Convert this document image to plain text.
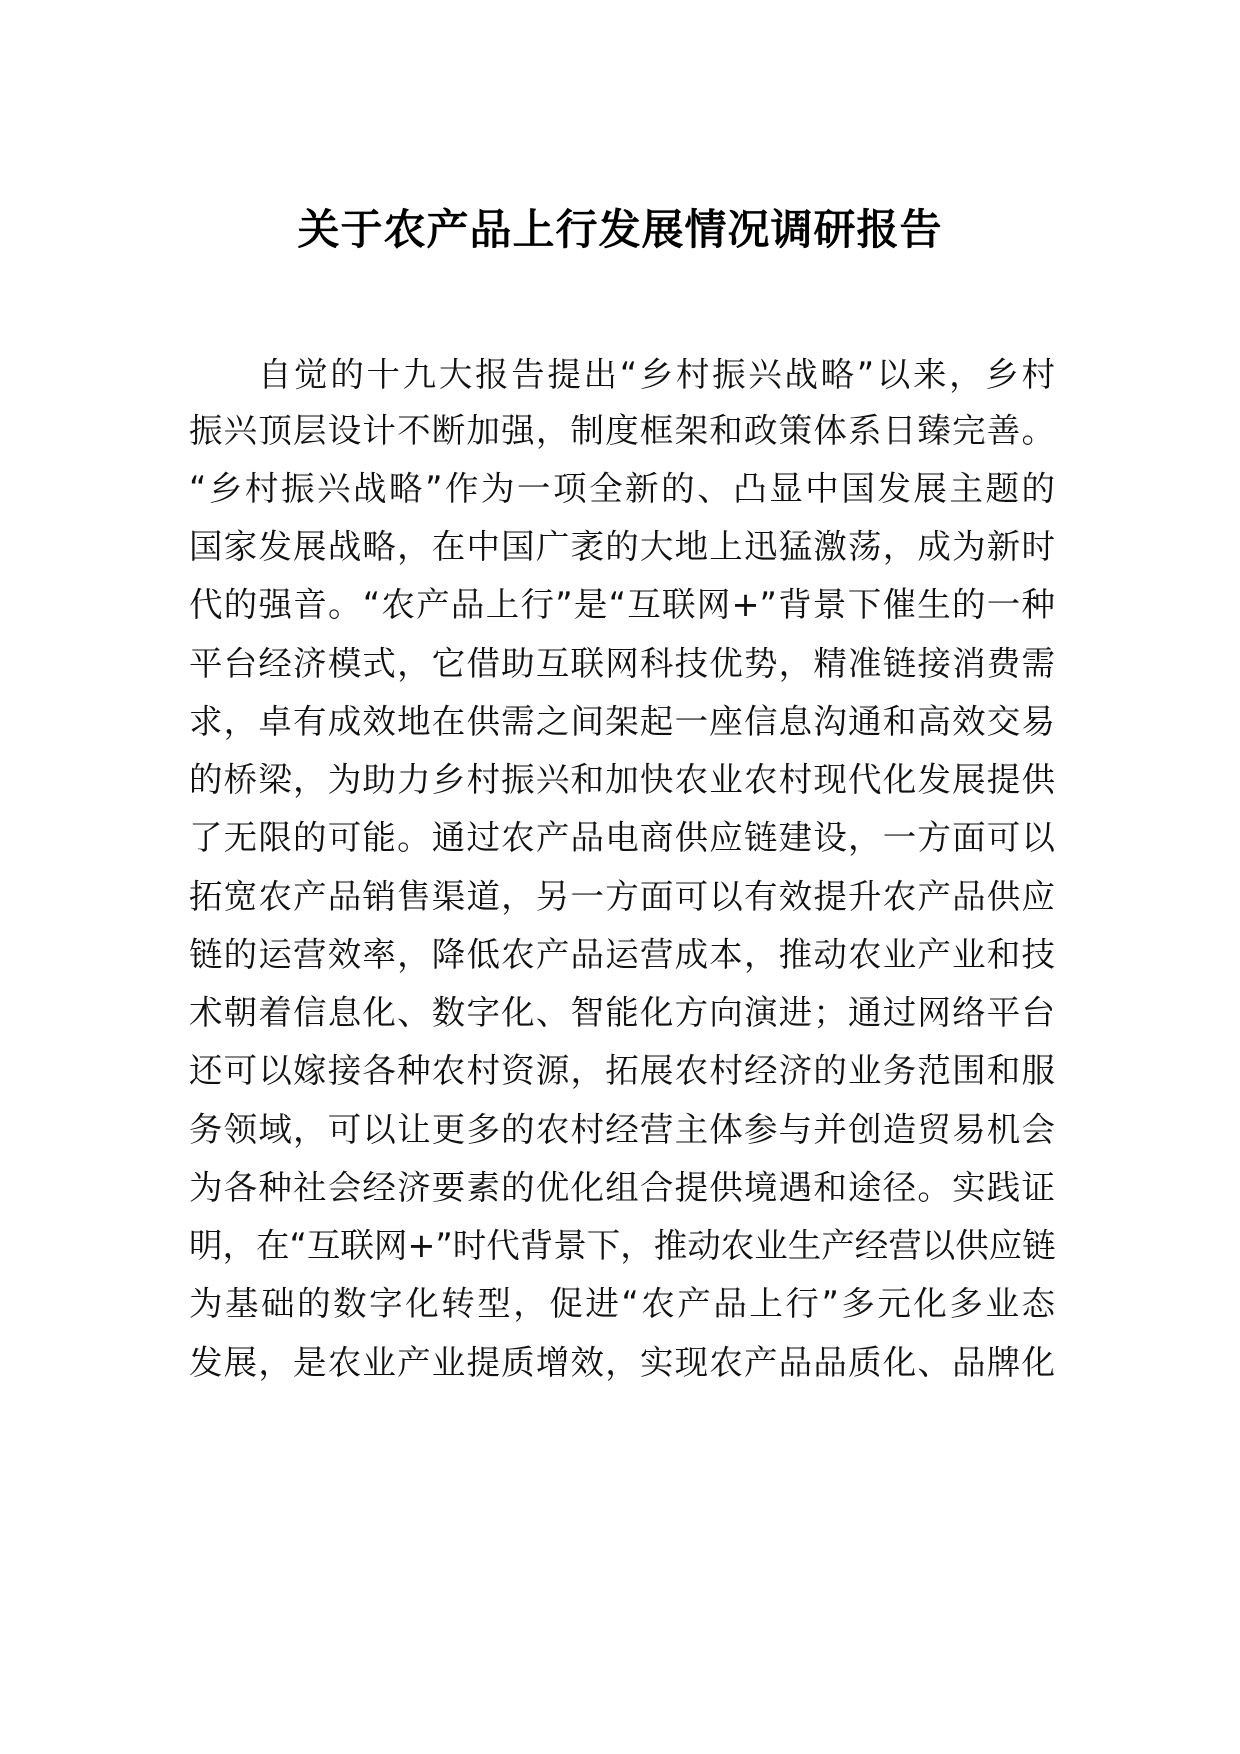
关于农产品上行发展情况调研报告
自觉的十九大报告提出“乡村振兴战略”以来，乡村
振兴顶层设计不断加强，制度框架和政策体系日臻完善。
“乡村振兴战略”作为一项全新的、凸显中国发展主题的
国家发展战略，在中国广袤的大地上迅猛激荡，成为新时
代的强音。“农产品上行”是“互联网+”背景下催生的一种
平台经济模式，它借助互联网科技优势，精准链接消费需
求，卓有成效地在供需之间架起一座信息沟通和高效交易
的桥梁，为助力乡村振兴和加快农业农村现代化发展提供
了无限的可能。通过农产品电商供应链建设，一方面可以
拓宽农产品销售渠道，另一方面可以有效提升农产品供应
链的运营效率，降低农产品运营成本，推动农业产业和技
术朝着信息化、数字化、智能化方向演进；通过网络平台
还可以嫁接各种农村资源，拓展农村经济的业务范围和服
务领域，可以让更多的农村经营主体参与并创造贸易机会
为各种社会经济要素的优化组合提供境遇和途径。实践证
明，在“互联网+”时代背景下，推动农业生产经营以供应链
为基础的数字化转型，促进“农产品上行”多元化多业态
发展，是农业产业提质增效，实现农产品品质化、品牌化
